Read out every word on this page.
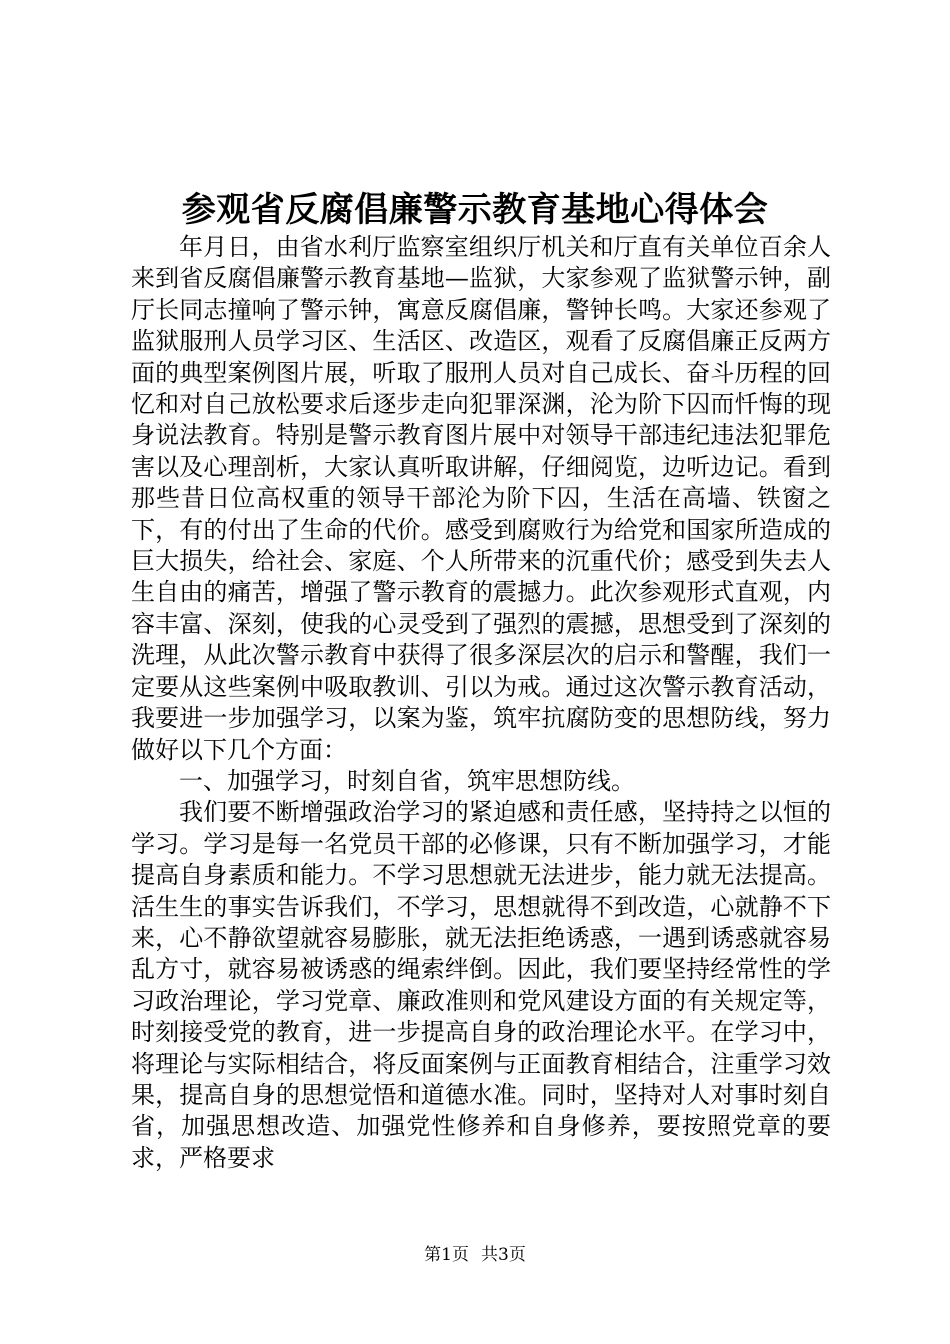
参观省反腐倡廉警示教育基地心得体会

年月日，由省水利厅监察室组织厅机关和厅直有关单位百余人来到省反腐倡廉警示教育基地—监狱，大家参观了监狱警示钟，副厅长同志撞响了警示钟，寓意反腐倡廉，警钟长鸣。大家还参观了监狱服刑人员学习区、生活区、改造区，观看了反腐倡廉正反两方面的典型案例图片展，听取了服刑人员对自己成长、奋斗历程的回忆和对自己放松要求后逐步走向犯罪深渊，沦为阶下囚而忏悔的现身说法教育。特别是警示教育图片展中对领导干部违纪违法犯罪危害以及心理剖析，大家认真听取讲解，仔细阅览，边听边记。看到那些昔日位高权重的领导干部沦为阶下囚，生活在高墙、铁窗之下，有的付出了生命的代价。感受到腐败行为给党和国家所造成的巨大损失，给社会、家庭、个人所带来的沉重代价；感受到失去人生自由的痛苦，增强了警示教育的震撼力。此次参观形式直观，内容丰富、深刻，使我的心灵受到了强烈的震撼，思想受到了深刻的洗理，从此次警示教育中获得了很多深层次的启示和警醒，我们一定要从这些案例中吸取教训、引以为戒。通过这次警示教育活动，我要进一步加强学习，以案为鉴，筑牢抗腐防变的思想防线，努力做好以下几个方面：

一、加强学习，时刻自省，筑牢思想防线。

我们要不断增强政治学习的紧迫感和责任感，坚持持之以恒的学习。学习是每一名党员干部的必修课，只有不断加强学习，才能提高自身素质和能力。不学习思想就无法进步，能力就无法提高。活生生的事实告诉我们，不学习，思想就得不到改造，心就静不下来，心不静欲望就容易膨胀，就无法拒绝诱惑，一遇到诱惑就容易乱方寸，就容易被诱惑的绳索绊倒。因此，我们要坚持经常性的学习政治理论，学习党章、廉政准则和党风建设方面的有关规定等，时刻接受党的教育，进一步提高自身的政治理论水平。在学习中，将理论与实际相结合，将反面案例与正面教育相结合，注重学习效果，提高自身的思想觉悟和道德水准。同时，坚持对人对事时刻自省，加强思想改造、加强党性修养和自身修养，要按照党章的要求，严格要求

第1页 共3页
